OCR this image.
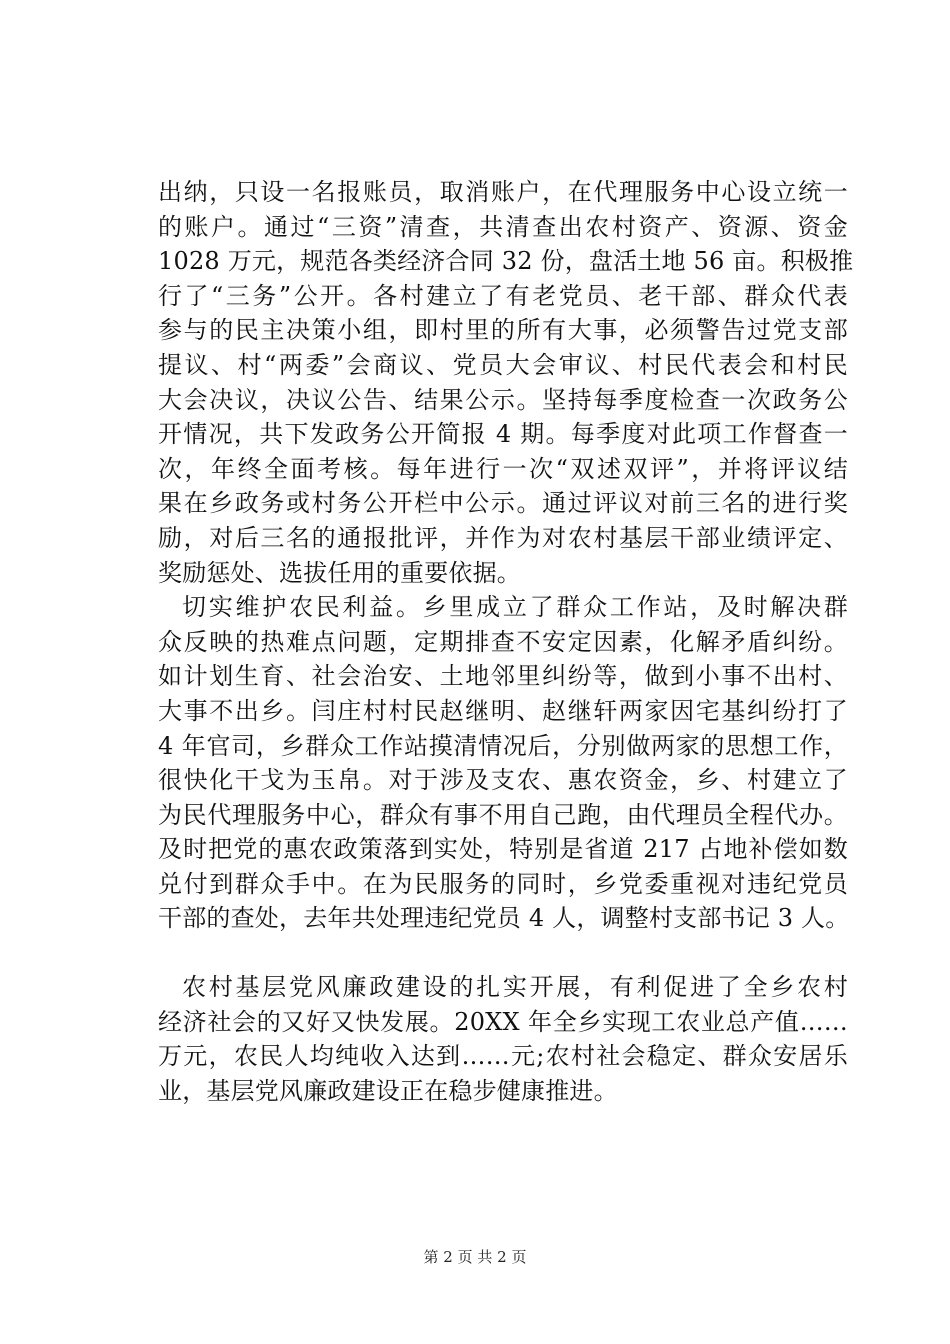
出纳，只设一名报账员，取消账户，在代理服务中心设立统一
的账户。通过“三资”清查，共清查出农村资产、资源、资金
1028 万元，规范各类经济合同 32 份，盘活土地 56 亩。积极推
行了“三务”公开。各村建立了有老党员、老干部、群众代表
参与的民主决策小组，即村里的所有大事，必须警告过党支部
提议、村“两委”会商议、党员大会审议、村民代表会和村民
大会决议，决议公告、结果公示。坚持每季度检查一次政务公
开情况，共下发政务公开简报 4 期。每季度对此项工作督查一
次，年终全面考核。每年进行一次“双述双评”，并将评议结
果在乡政务或村务公开栏中公示。通过评议对前三名的进行奖
励，对后三名的通报批评，并作为对农村基层干部业绩评定、
奖励惩处、选拔任用的重要依据。
切实维护农民利益。乡里成立了群众工作站，及时解决群
众反映的热难点问题，定期排查不安定因素，化解矛盾纠纷。
如计划生育、社会治安、土地邻里纠纷等，做到小事不出村、
大事不出乡。闫庄村村民赵继明、赵继轩两家因宅基纠纷打了
4 年官司，乡群众工作站摸清情况后，分别做两家的思想工作，
很快化干戈为玉帛。对于涉及支农、惠农资金，乡、村建立了
为民代理服务中心，群众有事不用自己跑，由代理员全程代办。
及时把党的惠农政策落到实处，特别是省道 217 占地补偿如数
兑付到群众手中。在为民服务的同时，乡党委重视对违纪党员
干部的查处，去年共处理违纪党员 4 人，调整村支部书记 3 人。
农村基层党风廉政建设的扎实开展，有利促进了全乡农村
经济社会的又好又快发展。20XX 年全乡实现工农业总产值……
万元，农民人均纯收入达到……元;农村社会稳定、群众安居乐
业，基层党风廉政建设正在稳步健康推进。
第 2 页 共 2 页
